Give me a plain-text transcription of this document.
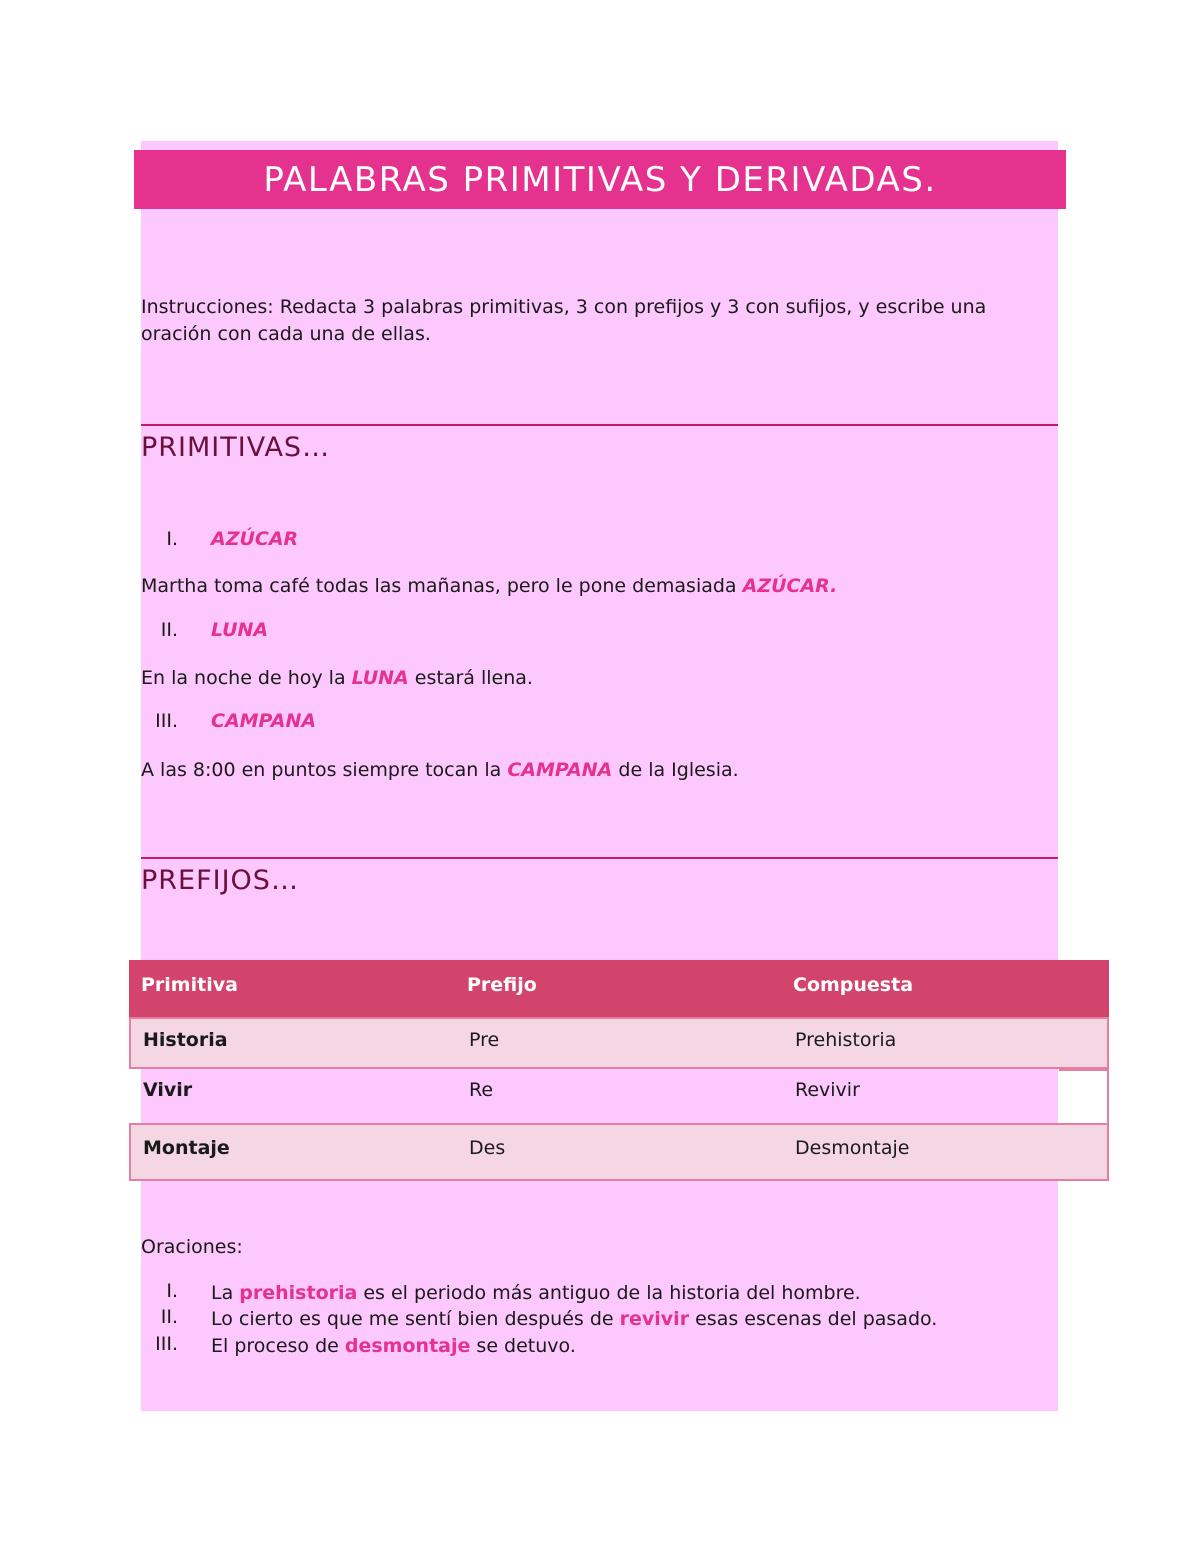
PALABRAS PRIMITIVAS Y DERIVADAS.
Instrucciones: Redacta 3 palabras primitivas, 3 con prefijos y 3 con sufijos, y escribe una oración con cada una de ellas.
PRIMITIVAS…
I. AZÚCAR
Martha toma café todas las mañanas, pero le pone demasiada AZÚCAR.
II. LUNA
En la noche de hoy la LUNA estará llena.
III. CAMPANA
A las 8:00 en puntos siempre tocan la CAMPANA de la Iglesia.
PREFIJOS…
Primitiva	Prefijo	Compuesta
Historia	Pre	Prehistoria
Vivir	Re	Revivir
Montaje	Des	Desmontaje
Oraciones:
I. La prehistoria es el periodo más antiguo de la historia del hombre.
II. Lo cierto es que me sentí bien después de revivir esas escenas del pasado.
III. El proceso de desmontaje se detuvo.
